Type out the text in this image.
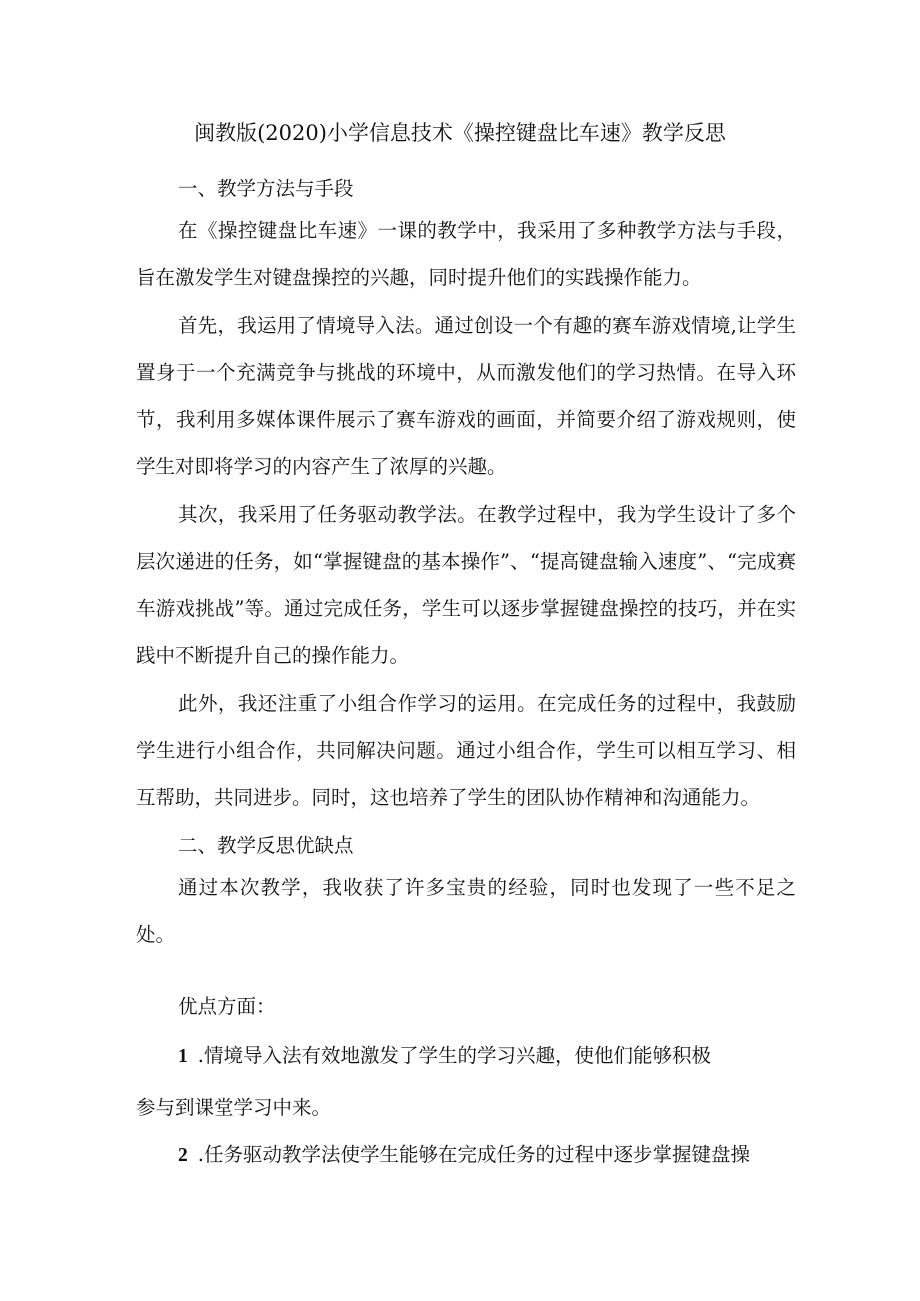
闽教版(2020)小学信息技术《操控键盘比车速》教学反思
一、教学方法与手段
在《操控键盘比车速》一课的教学中，我采用了多种教学方法与手段，旨在激发学生对键盘操控的兴趣，同时提升他们的实践操作能力。
首先，我运用了情境导入法。通过创设一个有趣的赛车游戏情境,让学生置身于一个充满竞争与挑战的环境中，从而激发他们的学习热情。在导入环节，我利用多媒体课件展示了赛车游戏的画面，并简要介绍了游戏规则，使学生对即将学习的内容产生了浓厚的兴趣。
其次，我采用了任务驱动教学法。在教学过程中，我为学生设计了多个层次递进的任务，如“掌握键盘的基本操作”、“提高键盘输入速度”、“完成赛车游戏挑战”等。通过完成任务，学生可以逐步掌握键盘操控的技巧，并在实践中不断提升自己的操作能力。
此外，我还注重了小组合作学习的运用。在完成任务的过程中，我鼓励学生进行小组合作，共同解决问题。通过小组合作，学生可以相互学习、相互帮助，共同进步。同时，这也培养了学生的团队协作精神和沟通能力。
二、教学反思优缺点
通过本次教学，我收获了许多宝贵的经验，同时也发现了一些不足之处。
优点方面：
1 .情境导入法有效地激发了学生的学习兴趣，使他们能够积极
参与到课堂学习中来。
2 .任务驱动教学法使学生能够在完成任务的过程中逐步掌握键盘操
